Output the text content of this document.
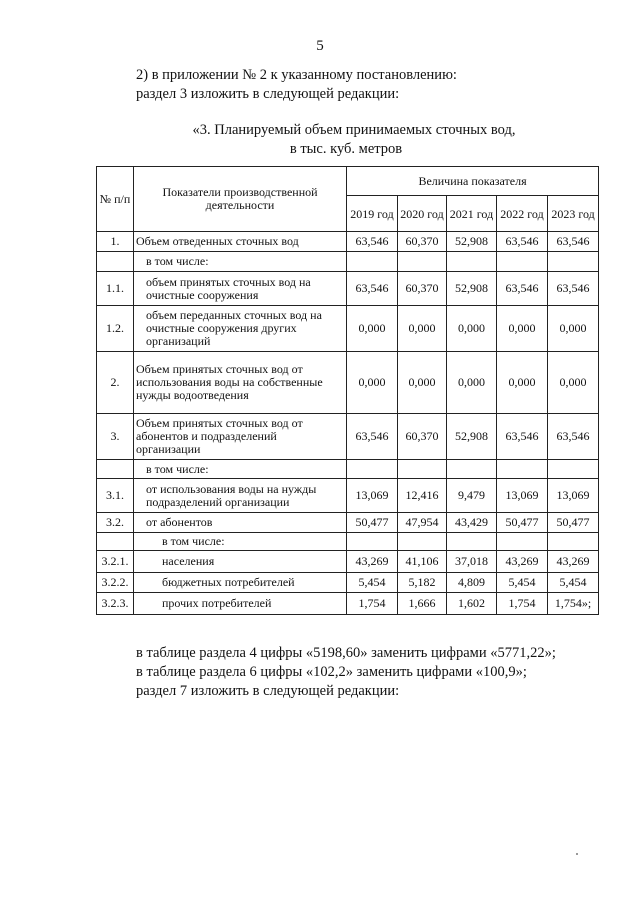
5
2) в приложении № 2 к указанному постановлению:
раздел 3 изложить в следующей редакции:
«3. Планируемый объем принимаемых сточных вод,
в тыс. куб. метров
№ п/п	Показатели производственной деятельности	Величина показателя				
		2019 год	2020 год	2021 год	2022 год	2023 год
1.	Объем отведенных сточных вод	63,546	60,370	52,908	63,546	63,546
	в том числе:					
1.1.	объем принятых сточных вод на очистные сооружения	63,546	60,370	52,908	63,546	63,546
1.2.	объем переданных сточных вод на очистные сооружения других организаций	0,000	0,000	0,000	0,000	0,000
2.	Объем принятых сточных вод от использования воды на собственные нужды водоотведения	0,000	0,000	0,000	0,000	0,000
3.	Объем принятых сточных вод от абонентов и подразделений организации	63,546	60,370	52,908	63,546	63,546
	в том числе:					
3.1.	от использования воды на нужды подразделений организации	13,069	12,416	9,479	13,069	13,069
3.2.	от абонентов	50,477	47,954	43,429	50,477	50,477
	в том числе:					
3.2.1.	населения	43,269	41,106	37,018	43,269	43,269
3.2.2.	бюджетных потребителей	5,454	5,182	4,809	5,454	5,454
3.2.3.	прочих потребителей	1,754	1,666	1,602	1,754	1,754»;
в таблице раздела 4 цифры «5198,60» заменить цифрами «5771,22»;
в таблице раздела 6 цифры «102,2» заменить цифрами «100,9»;
раздел 7 изложить в следующей редакции:
